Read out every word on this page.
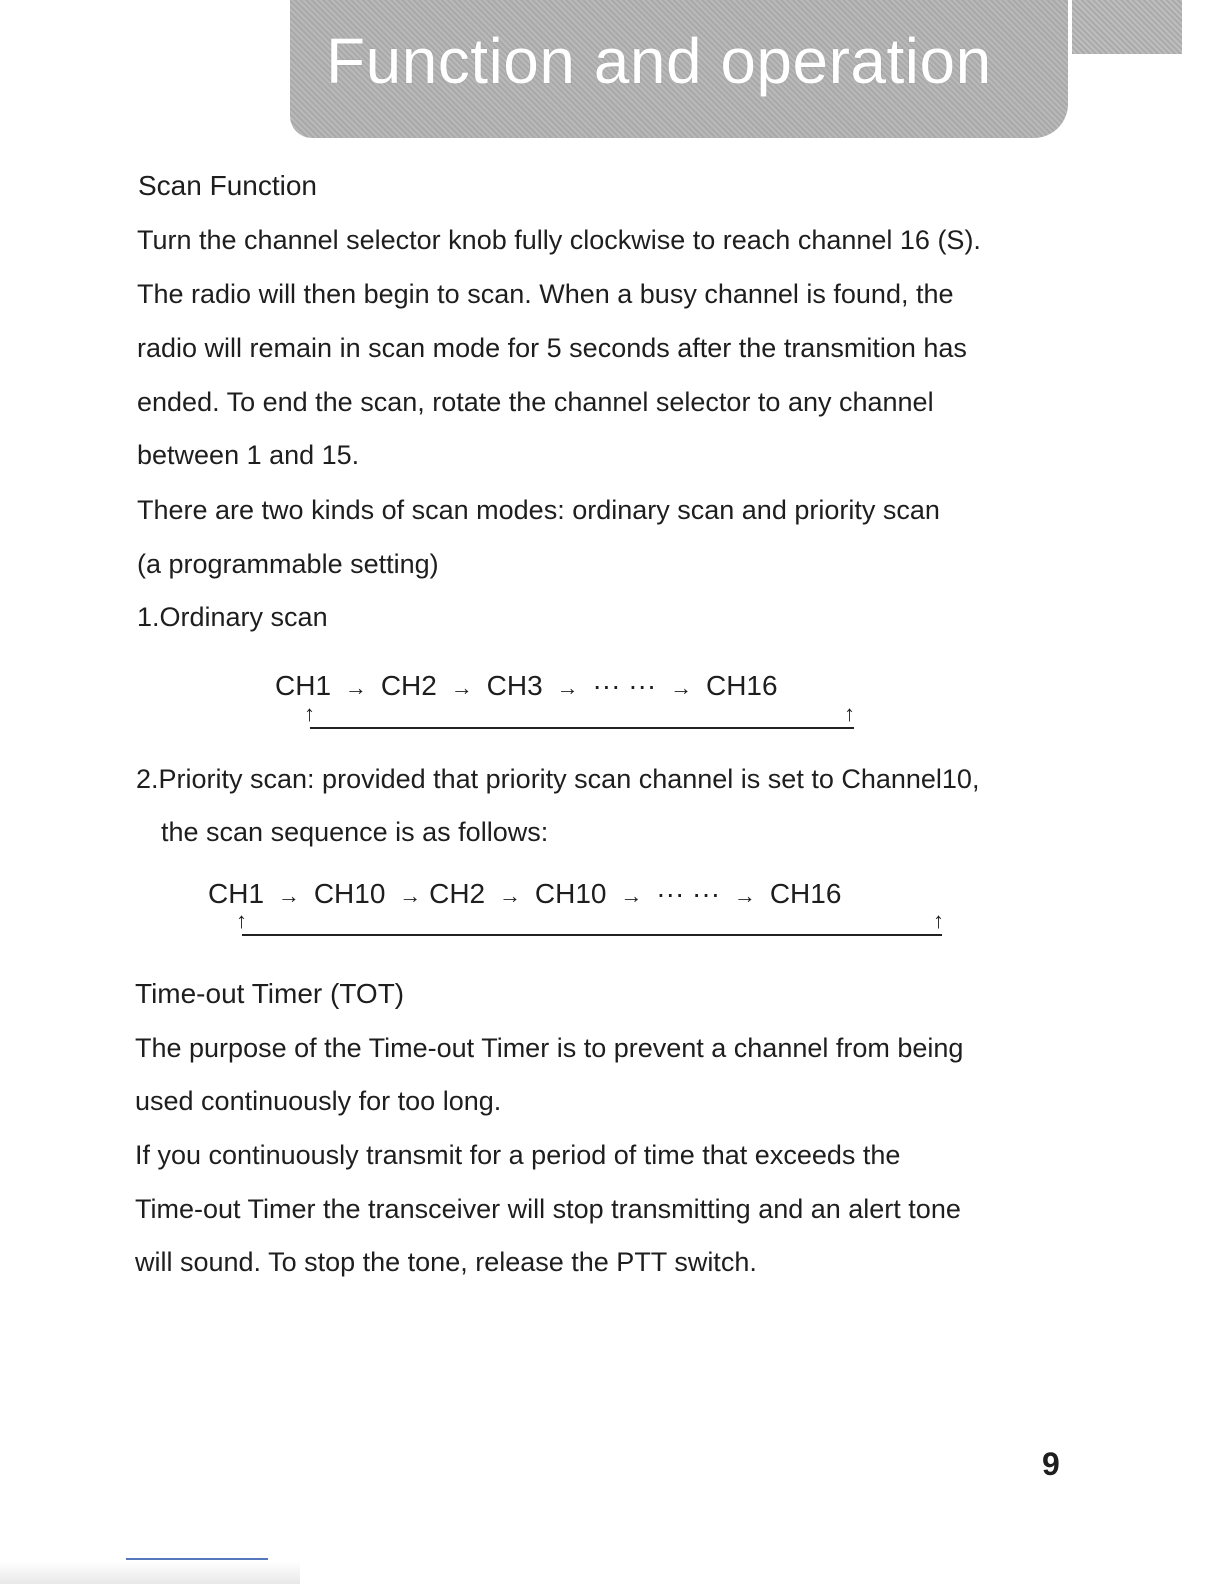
Function and operation
Scan Function
Turn the channel selector knob fully clockwise to reach channel 16 (S).
The radio will then begin to scan. When a busy channel is found, the
radio will remain in scan mode for 5 seconds after the transmition has
ended. To end the scan, rotate the channel selector to any channel
between 1 and 15.
There are two kinds of scan modes: ordinary scan and priority scan
(a programmable setting)
1.Ordinary scan
CH1  →  CH2  →  CH3  →  ··· ···  →  CH16
↑	↑
2.Priority scan: provided that priority scan channel is set to Channel10,
the scan sequence is as follows:
CH1  →  CH10  → CH2  →  CH10  →  ··· ···  →  CH16
↑	↑
Time-out Timer (TOT)
The purpose of the Time-out Timer is to prevent a channel from being
used continuously for too long.
If you continuously transmit for a period of time that exceeds the
Time-out Timer the transceiver will stop transmitting and an alert tone
will sound. To stop the tone, release the PTT switch.
9
